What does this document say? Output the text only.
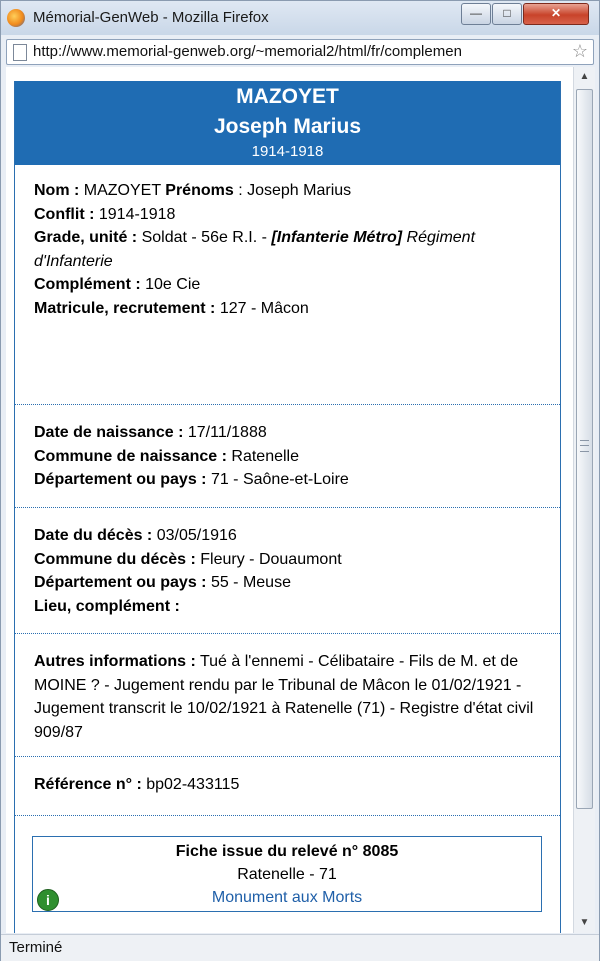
Mémorial-GenWeb - Mozilla Firefox	—	□	✕
http://www.memorial-genweb.org/~memorial2/html/fr/complemen	☆
MAZOYET
Joseph Marius
1914-1918
Nom : MAZOYET Prénoms : Joseph Marius
Conflit : 1914-1918
Grade, unité : Soldat - 56e R.I. - [Infanterie Métro] Régiment d'Infanterie
Complément : 10e Cie
Matricule, recrutement : 127 - Mâcon
Date de naissance : 17/11/1888
Commune de naissance : Ratenelle
Département ou pays : 71 - Saône-et-Loire
Date du décès : 03/05/1916
Commune du décès : Fleury - Douaumont
Département ou pays : 55 - Meuse
Lieu, complément :
Autres informations : Tué à l'ennemi - Célibataire - Fils de M. et de MOINE ? - Jugement rendu par le Tribunal de Mâcon le 01/02/1921 - Jugement transcrit le 10/02/1921 à Ratenelle (71) - Registre d'état civil 909/87
Référence n° : bp02-433115
Fiche issue du relevé n° 8085
Ratenelle - 71
Monument aux Morts
i
▲
▼
Terminé
